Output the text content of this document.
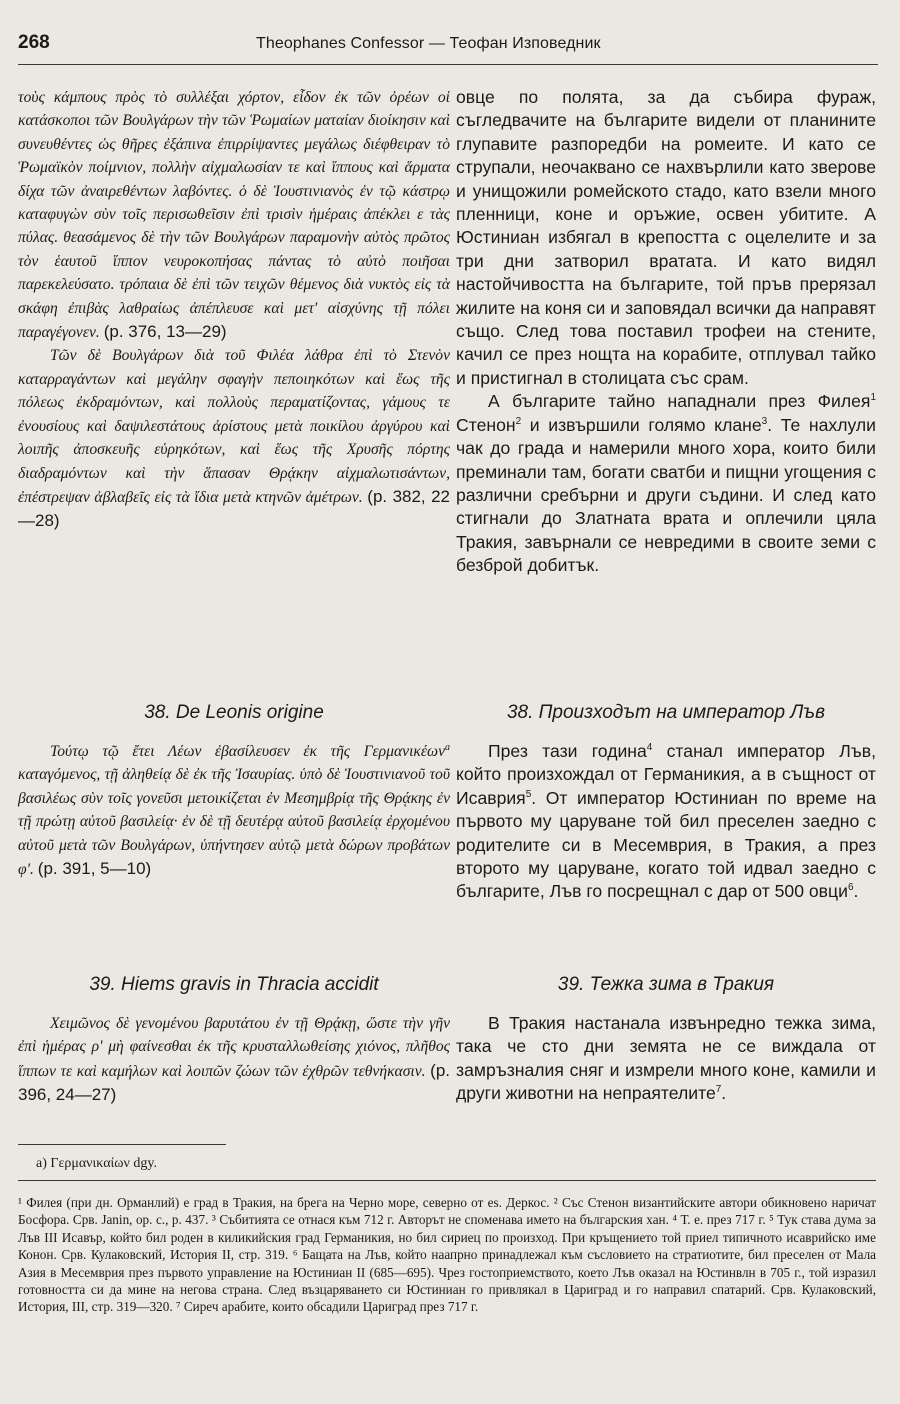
268	Theophanes Confessor — Теофан Изповедник
τοὺς κάμπους πρὸς τὸ συλλέξαι χόρτον, εἶδον ἐκ τῶν ὀρέων οἱ κατάσκοποι τῶν Βουλγάρων τὴν τῶν Ῥωμαίων ματαίαν διοίκησιν καὶ συνευθέντες ὡς θῆρες ἐξάπινα ἐπιρρίψαντες μεγάλως διέφθειραν τὸ Ῥωμαϊκὸν ποίμνιον, πολλὴν αἰχμαλωσίαν τε καὶ ἵππους καὶ ἅρματα δίχα τῶν ἀναιρεθέντων λαβόντες. ὁ δὲ Ἰουστινιανὸς ἐν τῷ κάστρῳ καταφυγὼν σὺν τοῖς περισωθεῖσιν ἐπὶ τρισὶν ἡμέραις ἀπέκλει ε τὰς πύλας. θεασάμενος δὲ τὴν τῶν Βουλγάρων παραμονὴν αὐτὸς πρῶτος τὸν ἑαυτοῦ ἵππον νευροκοπήσας πάντας τὸ αὐτὸ ποιῆσαι παρεκελεύσατο. τρόπαια δὲ ἐπὶ τῶν τειχῶν θέμενος διὰ νυκτὸς εἰς τὰ σκάφη ἐπιβὰς λαθραίως ἀπέπλευσε καὶ μετ' αἰσχύνης τῇ πόλει παραγέγονεν. (p. 376, 13—29)
Τῶν δὲ Βουλγάρων διὰ τοῦ Φιλέα λάθρα ἐπὶ τὸ Στενὸν καταρραγάντων καὶ μεγάλην σφαγὴν πεποιηκότων καὶ ἕως τῆς πόλεως ἐκδραμόντων, καὶ πολλοὺς περαματίζοντας, γάμους τε ἐνουσίους καὶ δαψιλεστάτους ἀρίστους μετὰ ποικίλου ἀργύρου καὶ λοιπῆς ἀποσκευῆς εὑρηκότων, καὶ ἕως τῆς Χρυσῆς πόρτης διαδραμόντων καὶ τὴν ἅπασαν Θρᾴκην αἰχμαλωτισάντων, ἐπέστρεψαν ἀβλαβεῖς εἰς τὰ ἴδια μετὰ κτηνῶν ἀμέτρων. (p. 382, 22—28)
овце по полята, за да събира фураж, съгледвачите на българите видели от планините глупавите разпоредби на ромеите. И като се струпали, неочаквано се нахвърлили като зверове и унищожили ромейското стадо, като взели много пленници, коне и оръжие, освен убитите. А Юстиниан избягал в крепостта с оцелелите и за три дни затворил вратата. И като видял настойчивостта на българите, той пръв прерязал жилите на коня си и заповядал всички да направят също. След това поставил трофеи на стените, качил се през нощта на корабите, отплувал тайко и пристигнал в столицата със срам.
А българите тайно нападнали през Филея$^1$ Стенон$^2$ и извършили голямо клане$^3$. Те нахлули чак до града и намерили много хора, които били преминали там, богати сватби и пищни угощения с различни сребърни и други съдини. И след като стигнали до Златната врата и оплечили цяла Тракия, завърнали се невредими в своите земи с безброй добитък.
38. De Leonis origine	38. Произходът на император Лъв
Τούτῳ τῷ ἔτει Λέων ἐβασίλευσεν ἐκ τῆς Γερμανικέων$^a$ καταγόμενος, τῇ ἀληθείᾳ δὲ ἐκ τῆς Ἰσαυρίας. ὑπὸ δὲ Ἰουστινιανοῦ τοῦ βασιλέως σὺν τοῖς γονεῦσι μετοικίζεται ἐν Μεσημβρίᾳ τῆς Θρᾴκης ἐν τῇ πρώτῃ αὐτοῦ βασιλείᾳ· ἐν δὲ τῇ δευτέρᾳ αὐτοῦ βασιλείᾳ ἐρχομένου αὐτοῦ μετὰ τῶν Βουλγάρων, ὑπήντησεν αὐτῷ μετὰ δώρων προβάτων φ'. (p. 391, 5—10)
През тази година$^4$ станал император Лъв, който произхождал от Германикия, а в същност от Исаврия$^5$. От император Юстиниан по време на първото му царуване той бил преселен заедно с родителите си в Месемврия, в Тракия, а през второто му царуване, когато той идвал заедно с българите, Лъв го посрещнал с дар от 500 овци$^6$.
39. Hiems gravis in Thracia accidit	39. Тежка зима в Тракия
Χειμῶνος δὲ γενομένου βαρυτάτου ἐν τῇ Θρᾴκῃ, ὥστε τὴν γῆν ἐπὶ ἡμέρας ρ' μὴ φαίνεσθαι ἐκ τῆς κρυσταλλωθείσης χιόνος, πλῆθος ἵππων τε καὶ καμήλων καὶ λοιπῶν ζώων τῶν ἐχθρῶν τεθνήκασιν. (p. 396, 24—27)
В Тракия настанала извънредно тежка зима, така че сто дни земята не се виждала от замръзналия сняг и измрели много коне, камили и други животни на непраятелите$^7$.
a) Γερμανικαίων dgy.

¹ Филея (при дн. Орманлий) е град в Тракия, на брега на Черно море, северно от es. Деркос. ² Със Стенон византийските автори обикновено наричат Босфора. Срв. Janin, op. c., p. 437. ³ Събитията се отнася към 712 г. Авторът не споменава името на българския хан. ⁴ Т. е. през 717 г. ⁵ Тук става дума за Лъв III Исавър, който бил роден в киликийския град Германикия, но бил сириец по произход. При кръщението той приел типичното исаврийско име Конон. Срв. Кулаковский, История II, стр. 319. ⁶ Бащата на Лъв, който наапрно принадлежал към съсловието на стратиотите, бил преселен от Мала Азия в Месемврия през първото управление на Юстиниан II (685—695). Чрез гостоприемството, което Лъв оказал на Юстинвлн в 705 г., той изразил готовността си да мине на негова страна. След възцаряването си Юстиниан го привлякал в Цариград и го направил спатарий. Срв. Кулаковский, История, III, стр. 319—320. ⁷ Сиреч арабите, които обсадили Цариград през 717 г.
